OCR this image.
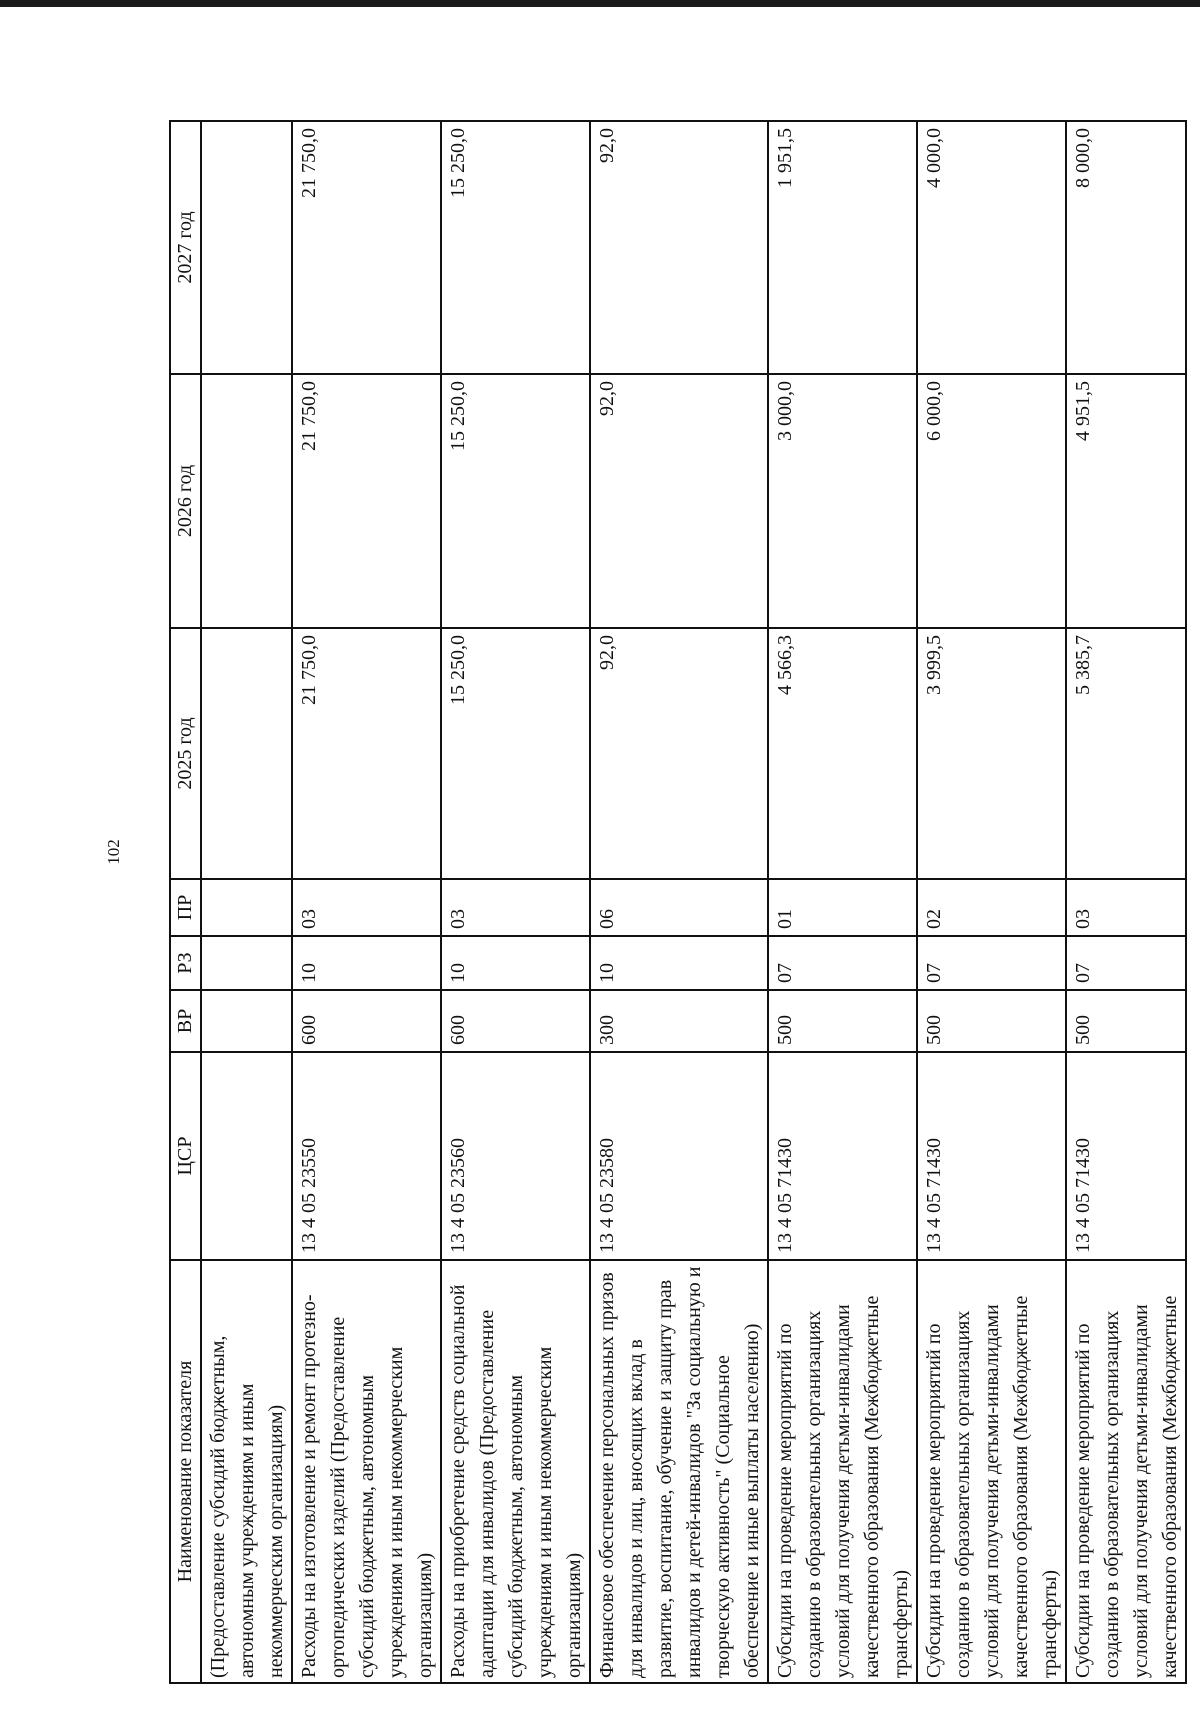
102
Наименование показателя	ЦСР	ВР	РЗ	ПР	2025 год	2026 год	2027 год
(Предоставление субсидий бюджетным, автономным учреждениям и иным некоммерческим организациям)							
Расходы на изготовление и ремонт протезно-ортопедических изделий (Предоставление субсидий бюджетным, автономным учреждениям и иным некоммерческим организациям)	13 4 05 23550	600	10	03	21 750,0	21 750,0	21 750,0
Расходы на приобретение средств социальной адаптации для инвалидов (Предоставление субсидий бюджетным, автономным учреждениям и иным некоммерческим организациям)	13 4 05 23560	600	10	03	15 250,0	15 250,0	15 250,0
Финансовое обеспечение персональных призов для инвалидов и лиц, вносящих вклад в развитие, воспитание, обучение и защиту прав инвалидов и детей-инвалидов "За социальную и творческую активность" (Социальное обеспечение и иные выплаты населению)	13 4 05 23580	300	10	06	92,0	92,0	92,0
Субсидии на проведение мероприятий по созданию в образовательных организациях условий для получения детьми-инвалидами качественного образования (Межбюджетные трансферты)	13 4 05 71430	500	07	01	4 566,3	3 000,0	1 951,5
Субсидии на проведение мероприятий по созданию в образовательных организациях условий для получения детьми-инвалидами качественного образования (Межбюджетные трансферты)	13 4 05 71430	500	07	02	3 999,5	6 000,0	4 000,0
Субсидии на проведение мероприятий по созданию в образовательных организациях условий для получения детьми-инвалидами качественного образования (Межбюджетные	13 4 05 71430	500	07	03	5 385,7	4 951,5	8 000,0
